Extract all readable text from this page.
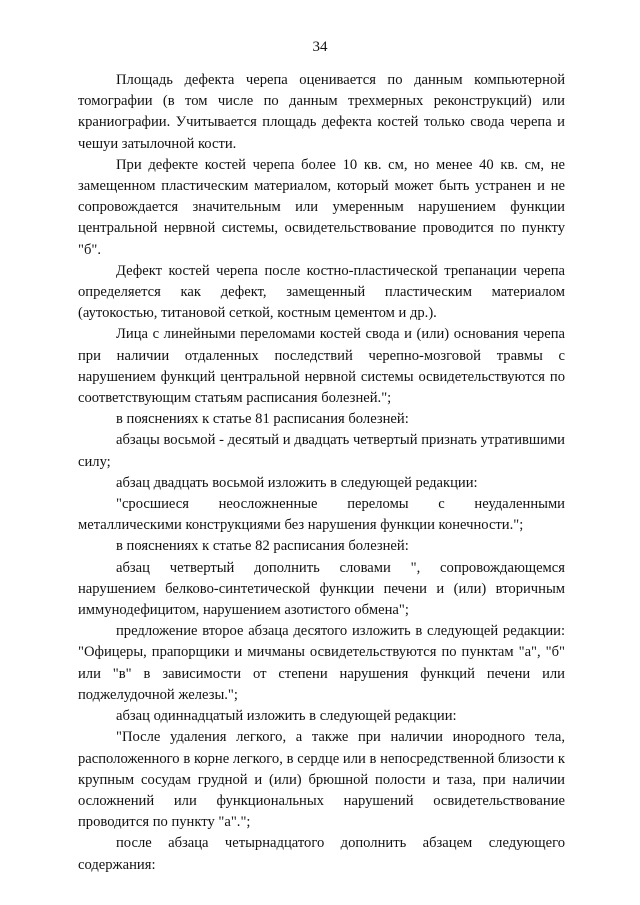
34

Площадь дефекта черепа оценивается по данным компьютерной томографии (в том числе по данным трехмерных реконструкций) или краниографии. Учитывается площадь дефекта костей только свода черепа и чешуи затылочной кости.

При дефекте костей черепа более 10 кв. см, но менее 40 кв. см, не замещенном пластическим материалом, который может быть устранен и не сопровождается значительным или умеренным нарушением функции центральной нервной системы, освидетельствование проводится по пункту "б".

Дефект костей черепа после костно-пластической трепанации черепа определяется как дефект, замещенный пластическим материалом (аутокостью, титановой сеткой, костным цементом и др.).

Лица с линейными переломами костей свода и (или) основания черепа при наличии отдаленных последствий черепно-мозговой травмы с нарушением функций центральной нервной системы освидетельствуются по соответствующим статьям расписания болезней.";

в пояснениях к статье 81 расписания болезней:

абзацы восьмой - десятый и двадцать четвертый признать утратившими силу;

абзац двадцать восьмой изложить в следующей редакции:

"сросшиеся неосложненные переломы с неудаленными металлическими конструкциями без нарушения функции конечности.";

в пояснениях к статье 82 расписания болезней:

абзац четвертый дополнить словами ", сопровождающемся нарушением белково-синтетической функции печени и (или) вторичным иммунодефицитом, нарушением азотистого обмена";

предложение второе абзаца десятого изложить в следующей редакции: "Офицеры, прапорщики и мичманы освидетельствуются по пунктам "а", "б" или "в" в зависимости от степени нарушения функций печени или поджелудочной железы.";

абзац одиннадцатый изложить в следующей редакции:

"После удаления легкого, а также при наличии инородного тела, расположенного в корне легкого, в сердце или в непосредственной близости к крупным сосудам грудной и (или) брюшной полости и таза, при наличии осложнений или функциональных нарушений освидетельствование проводится по пункту "а".";

после абзаца четырнадцатого дополнить абзацем следующего содержания:
